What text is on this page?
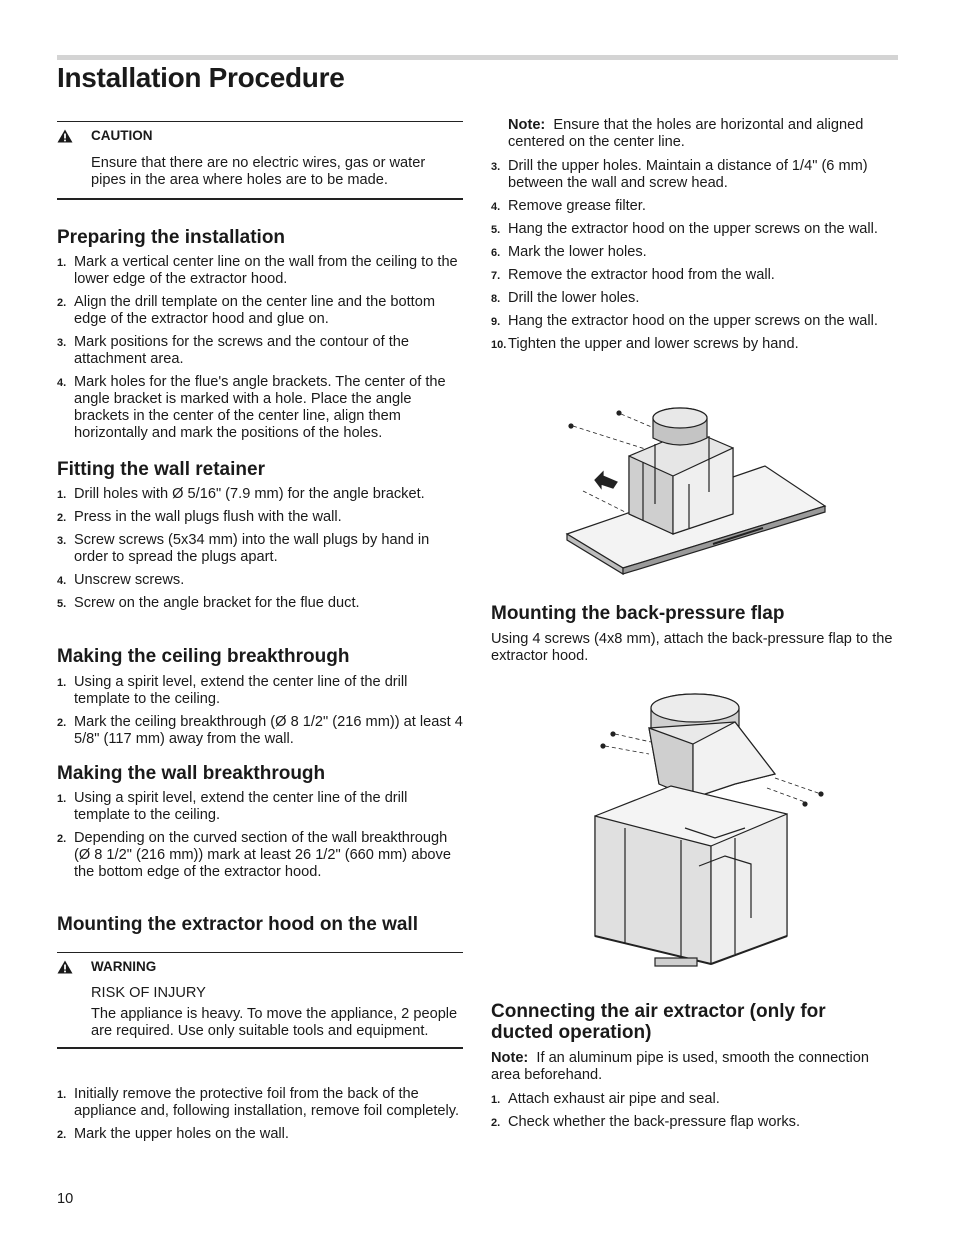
Installation Procedure
CAUTION

Ensure that there are no electric wires, gas or water pipes in the area where holes are to be made.

Preparing the installation
1. Mark a vertical center line on the wall from the ceiling to the lower edge of the extractor hood.
2. Align the drill template on the center line and the bottom edge of the extractor hood and glue on.
3. Mark positions for the screws and the contour of the attachment area.
4. Mark holes for the flue's angle brackets. The center of the angle bracket is marked with a hole. Place the angle brackets in the center of the center line, align them horizontally and mark the positions of the holes.
Fitting the wall retainer
1. Drill holes with Ø 5/16" (7.9 mm) for the angle bracket.
2. Press in the wall plugs flush with the wall.
3. Screw screws (5x34 mm) into the wall plugs by hand in order to spread the plugs apart.
4. Unscrew screws.
5. Screw on the angle bracket for the flue duct.
Making the ceiling breakthrough
1. Using a spirit level, extend the center line of the drill template to the ceiling.
2. Mark the ceiling breakthrough (Ø 8 1/2" (216 mm)) at least 4 5/8" (117 mm) away from the wall.
Making the wall breakthrough
1. Using a spirit level, extend the center line of the drill template to the ceiling.
2. Depending on the curved section of the wall breakthrough (Ø 8 1/2" (216 mm)) mark at least 26 1/2" (660 mm) above the bottom edge of the extractor hood.
Mounting the extractor hood on the wall
WARNING

RISK OF INJURY

The appliance is heavy. To move the appliance, 2 people are required. Use only suitable tools and equipment.

1. Initially remove the protective foil from the back of the appliance and, following installation, remove foil completely.
2. Mark the upper holes on the wall.

Note: Ensure that the holes are horizontal and aligned centered on the center line.

3. Drill the upper holes. Maintain a distance of 1/4" (6 mm) between the wall and screw head.
4. Remove grease filter.
5. Hang the extractor hood on the upper screws on the wall.
6. Mark the lower holes.
7. Remove the extractor hood from the wall.
8. Drill the lower holes.
9. Hang the extractor hood on the upper screws on the wall.
10. Tighten the upper and lower screws by hand.
Mounting the back-pressure flap

Using 4 screws (4x8 mm), attach the back-pressure flap to the extractor hood.

Connecting the air extractor (only for ducted operation)

Note: If an aluminum pipe is used, smooth the connection area beforehand.

1. Attach exhaust air pipe and seal.
2. Check whether the back-pressure flap works.
10
